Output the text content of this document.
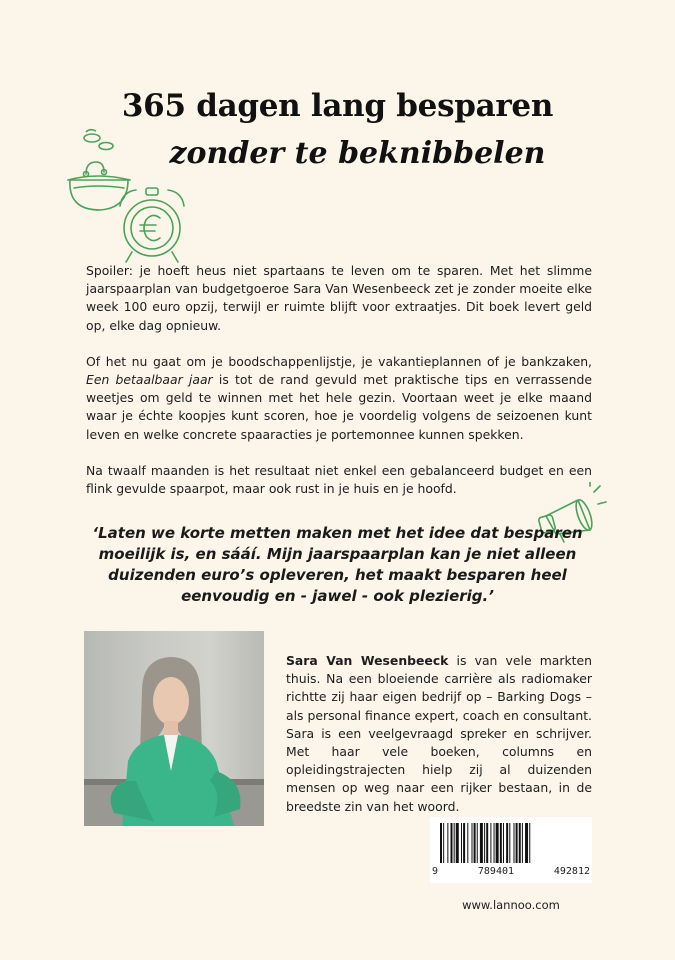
365 dagen lang besparen
zonder te beknibbelen

Spoiler: je hoeft heus niet spartaans te leven om te sparen. Met het slimme jaarspaarplan van budgetgoeroe Sara Van Wesenbeeck zet je zonder moeite elke week 100 euro opzij, terwijl er ruimte blijft voor extraatjes. Dit boek levert geld op, elke dag opnieuw.

Of het nu gaat om je boodschappenlijstje, je vakantieplannen of je bankzaken, Een betaalbaar jaar is tot de rand gevuld met praktische tips en verrassende weetjes om geld te winnen met het hele gezin. Voortaan weet je elke maand waar je échte koopjes kunt scoren, hoe je voordelig volgens de seizoenen kunt leven en welke concrete spaaracties je portemonnee kunnen spekken.

Na twaalf maanden is het resultaat niet enkel een gebalanceerd budget en een flink gevulde spaarpot, maar ook rust in je huis en je hoofd.

‘Laten we korte metten maken met het idee dat besparen moeilijk is, en sááí. Mijn jaarspaarplan kan je niet alleen duizenden euro’s opleveren, het maakt besparen heel eenvoudig en - jawel - ook plezierig.’
Sara Van Wesenbeeck is van vele markten thuis. Na een bloeiende carrière als radiomaker richtte zij haar eigen bedrijf op – Barking Dogs – als personal finance expert, coach en consultant. Sara is een veelgevraagd spreker en schrijver. Met haar vele boeken, columns en opleidingstrajecten hielp zij al duizenden mensen op weg naar een rijker bestaan, in de breedste zin van het woord.
9	789401	492812
www.lannoo.com
